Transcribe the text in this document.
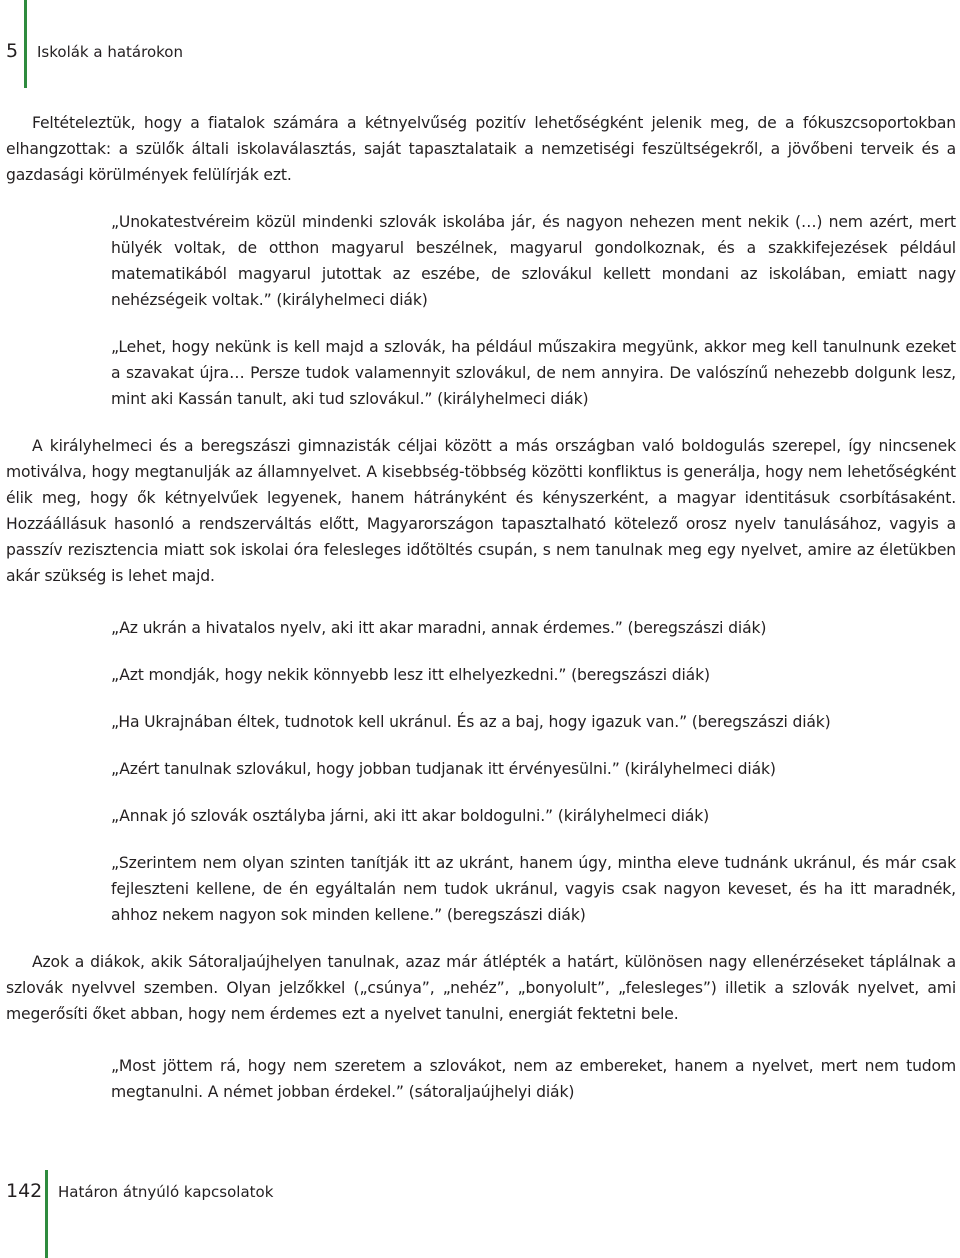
5 Iskolák a határokon

Feltételeztük, hogy a fiatalok számára a kétnyelvűség pozitív lehetőségként jelenik meg, de a fókuszcsoportokban elhangzottak: a szülők általi iskolaválasztás, saját tapasztalataik a nemzetiségi feszültségekről, a jövőbeni terveik és a gazdasági körülmények felülírják ezt.

„Unokatestvéreim közül mindenki szlovák iskolába jár, és nagyon nehezen ment nekik (…) nem azért, mert hülyék voltak, de otthon magyarul beszélnek, magyarul gondolkoznak, és a szakkifejezések például matematikából magyarul jutottak az eszébe, de szlovákul kellett mondani az iskolában, emiatt nagy nehézségeik voltak.” (királyhelmeci diák)

„Lehet, hogy nekünk is kell majd a szlovák, ha például műszakira megyünk, akkor meg kell tanulnunk ezeket a szavakat újra… Persze tudok valamennyit szlovákul, de nem annyira. De valószínű nehezebb dolgunk lesz, mint aki Kassán tanult, aki tud szlovákul.” (királyhelmeci diák)

A királyhelmeci és a beregszászi gimnazisták céljai között a más országban való boldogulás szerepel, így nincsenek motiválva, hogy megtanulják az államnyelvet. A kisebbség-többség közötti konfliktus is generálja, hogy nem lehetőségként élik meg, hogy ők kétnyelvűek legyenek, hanem hátrányként és kényszerként, a magyar identitásuk csorbításaként. Hozzáállásuk hasonló a rendszerváltás előtt, Magyarországon tapasztalható kötelező orosz nyelv tanulásához, vagyis a passzív rezisztencia miatt sok iskolai óra felesleges időtöltés csupán, s nem tanulnak meg egy nyelvet, amire az életükben akár szükség is lehet majd.

„Az ukrán a hivatalos nyelv, aki itt akar maradni, annak érdemes.” (beregszászi diák)

„Azt mondják, hogy nekik könnyebb lesz itt elhelyezkedni.” (beregszászi diák)

„Ha Ukrajnában éltek, tudnotok kell ukránul. És az a baj, hogy igazuk van.” (beregszászi diák)

„Azért tanulnak szlovákul, hogy jobban tudjanak itt érvényesülni.” (királyhelmeci diák)

„Annak jó szlovák osztályba járni, aki itt akar boldogulni.” (királyhelmeci diák)

„Szerintem nem olyan szinten tanítják itt az ukránt, hanem úgy, mintha eleve tudnánk ukránul, és már csak fejleszteni kellene, de én egyáltalán nem tudok ukránul, vagyis csak nagyon keveset, és ha itt maradnék, ahhoz nekem nagyon sok minden kellene.” (beregszászi diák)

Azok a diákok, akik Sátoraljaújhelyen tanulnak, azaz már átlépték a határt, különösen nagy ellenérzéseket táplálnak a szlovák nyelvvel szemben. Olyan jelzőkkel („csúnya”, „nehéz”, „bonyolult”, „felesleges”) illetik a szlovák nyelvet, ami megerősíti őket abban, hogy nem érdemes ezt a nyelvet tanulni, energiát fektetni bele.

„Most jöttem rá, hogy nem szeretem a szlovákot, nem az embereket, hanem a nyelvet, mert nem tudom megtanulni. A német jobban érdekel.” (sátoraljaújhelyi diák)

142 Határon átnyúló kapcsolatok
